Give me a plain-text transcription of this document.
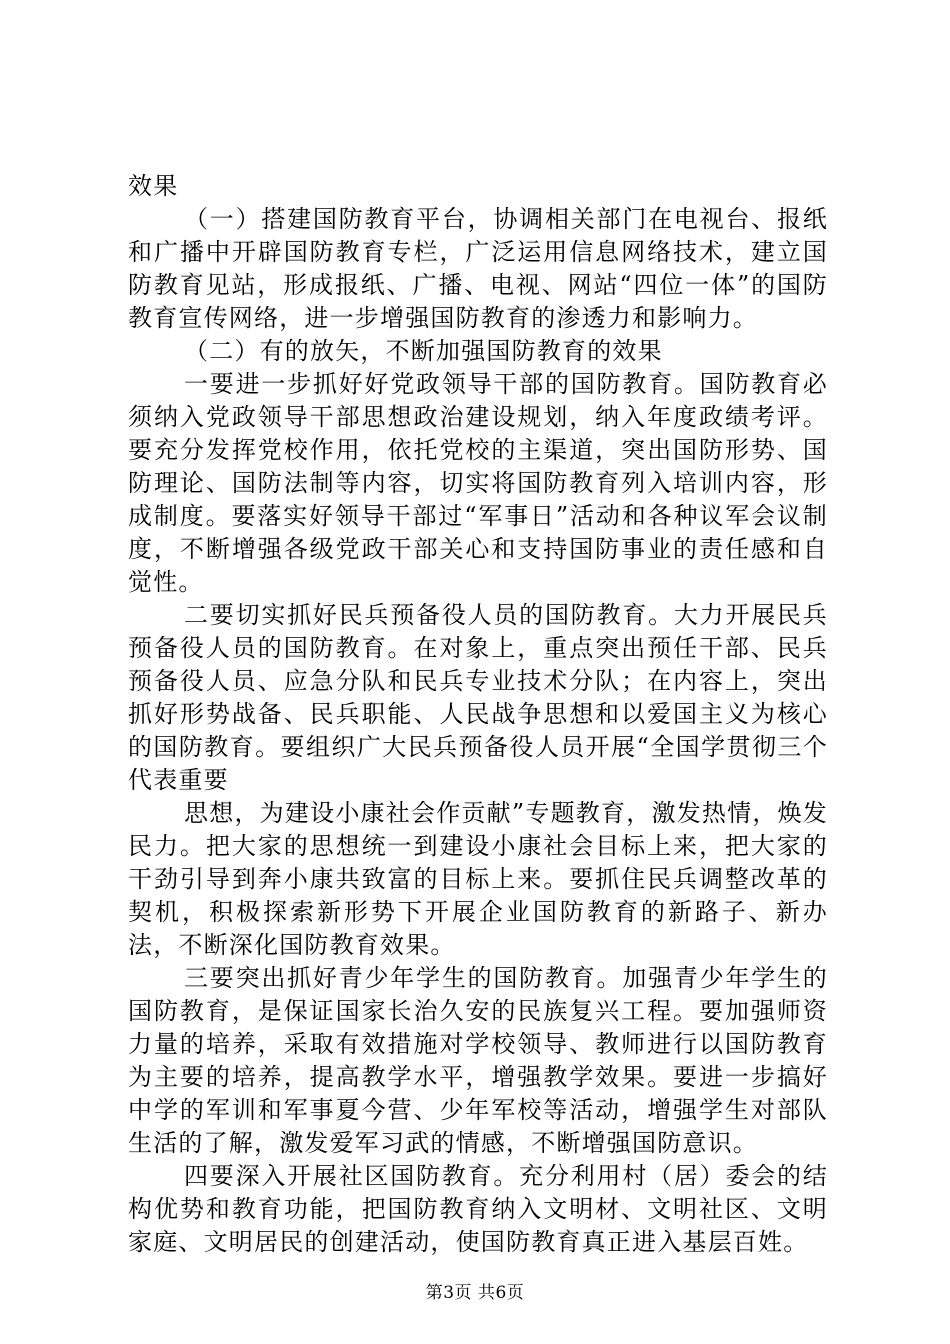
效果

（一）搭建国防教育平台，协调相关部门在电视台、报纸和广播中开辟国防教育专栏，广泛运用信息网络技术，建立国防教育见站，形成报纸、广播、电视、网站“四位一体”的国防教育宣传网络，进一步增强国防教育的渗透力和影响力。

（二）有的放矢，不断加强国防教育的效果

一要进一步抓好好党政领导干部的国防教育。国防教育必须纳入党政领导干部思想政治建设规划，纳入年度政绩考评。要充分发挥党校作用，依托党校的主渠道，突出国防形势、国防理论、国防法制等内容，切实将国防教育列入培训内容，形成制度。要落实好领导干部过“军事日”活动和各种议军会议制度，不断增强各级党政干部关心和支持国防事业的责任感和自觉性。

二要切实抓好民兵预备役人员的国防教育。大力开展民兵预备役人员的国防教育。在对象上，重点突出预任干部、民兵预备役人员、应急分队和民兵专业技术分队；在内容上，突出抓好形势战备、民兵职能、人民战争思想和以爱国主义为核心的国防教育。要组织广大民兵预备役人员开展“全国学贯彻三个代表重要

思想，为建设小康社会作贡献”专题教育，激发热情，焕发民力。把大家的思想统一到建设小康社会目标上来，把大家的干劲引导到奔小康共致富的目标上来。要抓住民兵调整改革的契机，积极探索新形势下开展企业国防教育的新路子、新办法，不断深化国防教育效果。

三要突出抓好青少年学生的国防教育。加强青少年学生的国防教育，是保证国家长治久安的民族复兴工程。要加强师资力量的培养，采取有效措施对学校领导、教师进行以国防教育为主要的培养，提高教学水平，增强教学效果。要进一步搞好中学的军训和军事夏今营、少年军校等活动，增强学生对部队生活的了解，激发爱军习武的情感，不断增强国防意识。

四要深入开展社区国防教育。充分利用村（居）委会的结构优势和教育功能，把国防教育纳入文明材、文明社区、文明家庭、文明居民的创建活动，使国防教育真正进入基层百姓。

第3页 共6页
